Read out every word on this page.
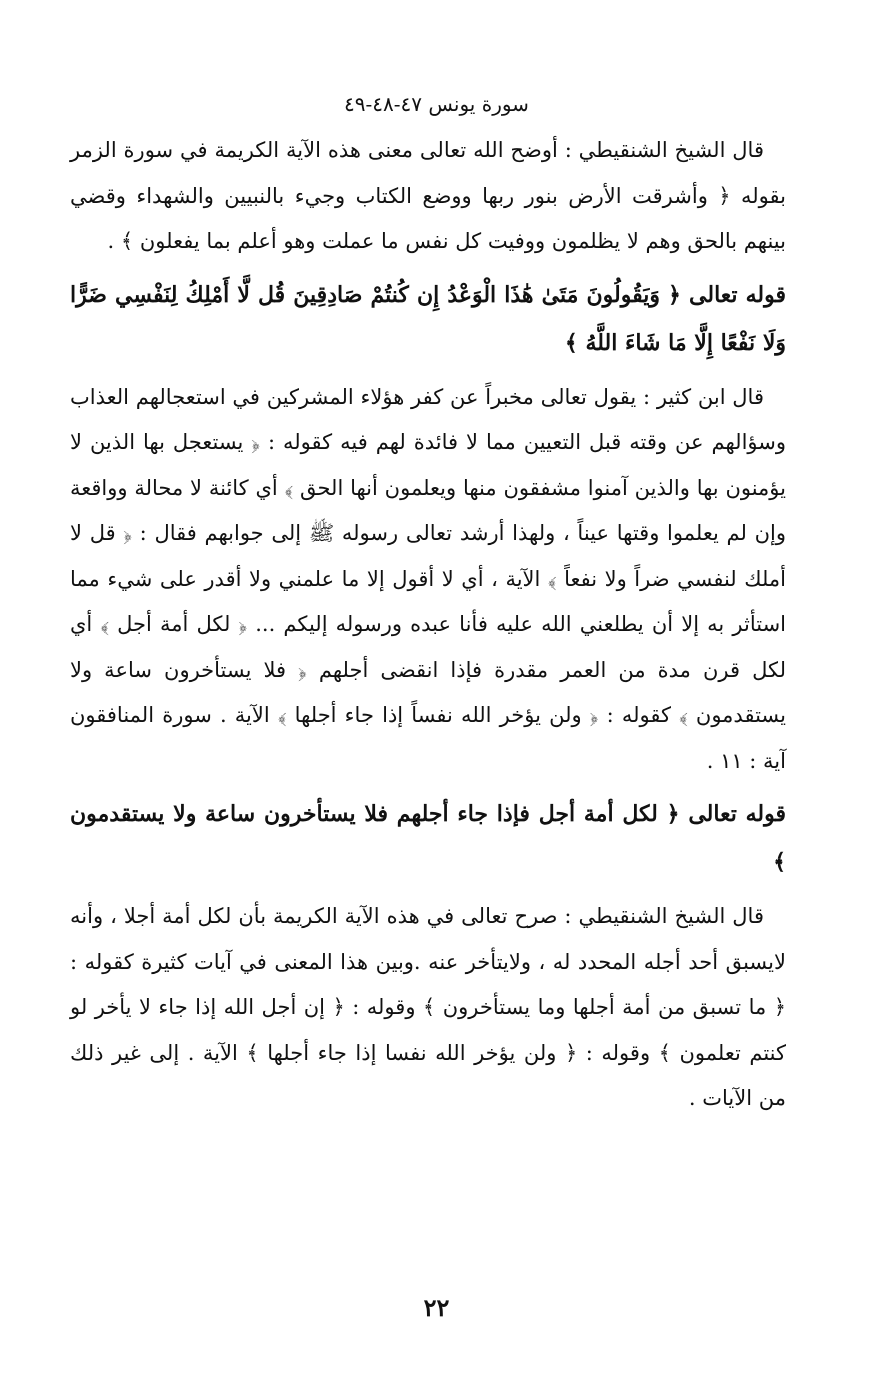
سورة يونس ٤٧-٤٨-٤٩

قال الشيخ الشنقيطي : أوضح الله تعالى معنى هذه الآية الكريمة في سورة الزمر بقوله ﴿ وأشرقت الأرض بنور ربها ووضع الكتاب وجيء بالنبيين والشهداء وقضي بينهم بالحق وهم لا يظلمون ووفيت كل نفس ما عملت وهو أعلم بما يفعلون ﴾ .

قوله تعالى ﴿ وَيَقُولُونَ مَتَىٰ هَٰذَا الْوَعْدُ إِن كُنتُمْ صَادِقِينَ قُل لَّا أَمْلِكُ لِنَفْسِي ضَرًّا وَلَا نَفْعًا إِلَّا مَا شَاءَ اللَّهُ ﴾

قال ابن كثير : يقول تعالى مخبراً عن كفر هؤلاء المشركين في استعجالهم العذاب وسؤالهم عن وقته قبل التعيين مما لا فائدة لهم فيه كقوله : ﴿ يستعجل بها الذين لا يؤمنون بها والذين آمنوا مشفقون منها ويعلمون أنها الحق ﴾ أي كائنة لا محالة وواقعة وإن لم يعلموا وقتها عيناً ، ولهذا أرشد تعالى رسوله ﷺ إلى جوابهم فقال : ﴿ قل لا أملك لنفسي ضراً ولا نفعاً ﴾ الآية ، أي لا أقول إلا ما علمني ولا أقدر على شيء مما استأثر به إلا أن يطلعني الله عليه فأنا عبده ورسوله إليكم ... ﴿ لكل أمة أجل ﴾ أي لكل قرن مدة من العمر مقدرة فإذا انقضى أجلهم ﴿ فلا يستأخرون ساعة ولا يستقدمون ﴾ كقوله : ﴿ ولن يؤخر الله نفساً إذا جاء أجلها ﴾ الآية . سورة المنافقون آية : ١١ .

قوله تعالى ﴿ لكل أمة أجل فإذا جاء أجلهم فلا يستأخرون ساعة ولا يستقدمون ﴾

قال الشيخ الشنقيطي : صرح تعالى في هذه الآية الكريمة بأن لكل أمة أجلا ، وأنه لايسبق أحد أجله المحدد له ، ولايتأخر عنه .وبين هذا المعنى في آيات كثيرة كقوله : ﴿ ما تسبق من أمة أجلها وما يستأخرون ﴾ وقوله : ﴿ إن أجل الله إذا جاء لا يأخر لو كنتم تعلمون ﴾ وقوله : ﴿ ولن يؤخر الله نفسا إذا جاء أجلها ﴾ الآية . إلى غير ذلك من الآيات .

٢٢
